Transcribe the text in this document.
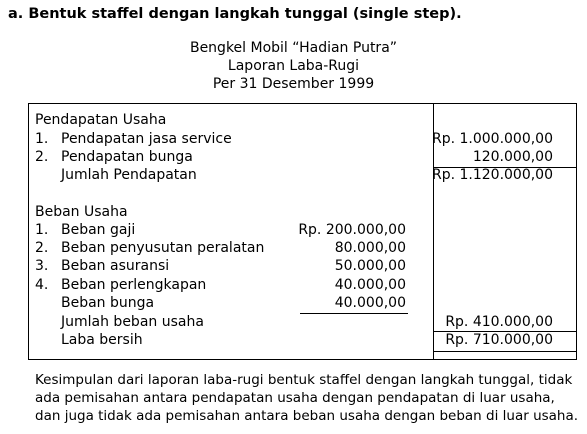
a. Bentuk staffel dengan langkah tunggal (single step).
Bengkel Mobil “Hadian Putra”
Laporan Laba-Rugi
Per 31 Desember 1999
Pendapatan Usaha
1. Pendapatan jasa service	Rp. 1.000.000,00
2. Pendapatan bunga	120.000,00
Jumlah Pendapatan	Rp. 1.120.000,00
Beban Usaha
1. Beban gaji	Rp. 200.000,00
2. Beban penyusutan peralatan	80.000,00
3. Beban asuransi	50.000,00
4. Beban perlengkapan	40.000,00
Beban bunga	40.000,00
Jumlah beban usaha	Rp. 410.000,00
Laba bersih	Rp. 710.000,00
Kesimpulan dari laporan laba-rugi bentuk staffel dengan langkah tunggal, tidak
ada pemisahan antara pendapatan usaha dengan pendapatan di luar usaha,
dan juga tidak ada pemisahan antara beban usaha dengan beban di luar usaha.
